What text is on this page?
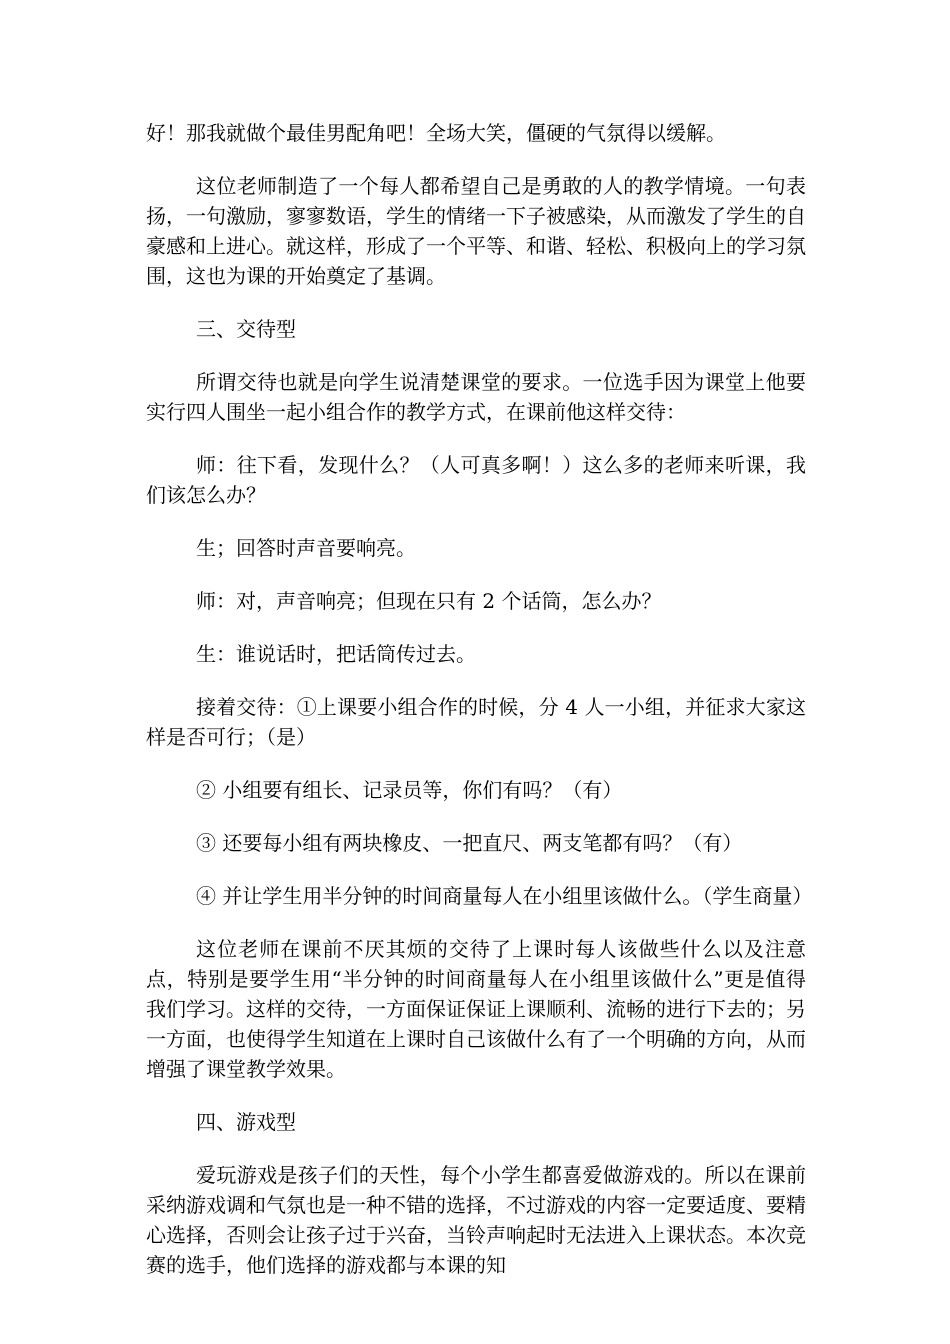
好！那我就做个最佳男配角吧！全场大笑，僵硬的气氛得以缓解。

这位老师制造了一个每人都希望自己是勇敢的人的教学情境。一句表扬，一句激励，寥寥数语，学生的情绪一下子被感染，从而激发了学生的自豪感和上进心。就这样，形成了一个平等、和谐、轻松、积极向上的学习氛围，这也为课的开始奠定了基调。

三、交待型

所谓交待也就是向学生说清楚课堂的要求。一位选手因为课堂上他要实行四人围坐一起小组合作的教学方式，在课前他这样交待：

师：往下看，发现什么？（人可真多啊！）这么多的老师来听课，我们该怎么办？

生；回答时声音要响亮。

师：对，声音响亮；但现在只有 2 个话筒，怎么办？

生：谁说话时，把话筒传过去。

接着交待：①上课要小组合作的时候，分 4 人一小组，并征求大家这样是否可行；（是）

② 小组要有组长、记录员等，你们有吗？（有）

③ 还要每小组有两块橡皮、一把直尺、两支笔都有吗？（有）

④ 并让学生用半分钟的时间商量每人在小组里该做什么。（学生商量）

这位老师在课前不厌其烦的交待了上课时每人该做些什么以及注意点，特别是要学生用“半分钟的时间商量每人在小组里该做什么”更是值得我们学习。这样的交待，一方面保证保证上课顺利、流畅的进行下去的；另一方面，也使得学生知道在上课时自己该做什么有了一个明确的方向，从而增强了课堂教学效果。

四、游戏型

爱玩游戏是孩子们的天性，每个小学生都喜爱做游戏的。所以在课前采纳游戏调和气氛也是一种不错的选择，不过游戏的内容一定要适度、要精心选择，否则会让孩子过于兴奋，当铃声响起时无法进入上课状态。本次竞赛的选手，他们选择的游戏都与本课的知
